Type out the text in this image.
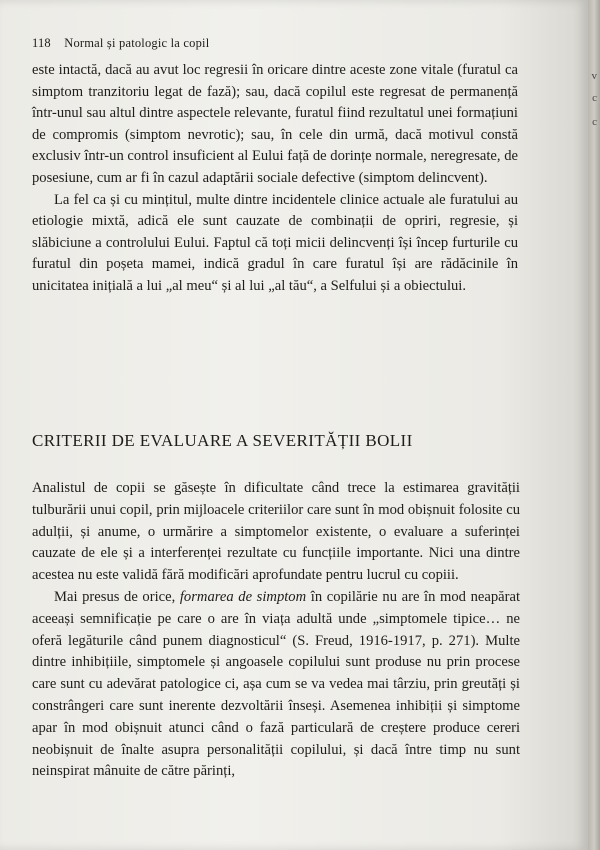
118 Normal și patologic la copil

este intactă, dacă au avut loc regresii în oricare dintre aceste zone vitale (furatul ca simptom tranzitoriu legat de fază); sau, dacă copilul este regresat de permanență într-unul sau altul dintre aspectele relevante, furatul fiind rezultatul unei formațiuni de compromis (simptom nevrotic); sau, în cele din urmă, dacă motivul constă exclusiv într-un control insuficient al Eului față de dorințe normale, neregresate, de posesiune, cum ar fi în cazul adaptării sociale defective (simptom delincvent).

La fel ca și cu mințitul, multe dintre incidentele clinice actuale ale furatului au etiologie mixtă, adică ele sunt cauzate de combinații de opriri, regresie, și slăbiciune a controlului Eului. Faptul că toți micii delincvenți își încep furturile cu furatul din poșeta mamei, indică gradul în care furatul își are rădăcinile în unicitatea inițială a lui „al meu“ și al lui „al tău“, a Selfului și a obiectului.

CRITERII DE EVALUARE A SEVERITĂȚII BOLII

Analistul de copii se găsește în dificultate când trece la estimarea gravității tulburării unui copil, prin mijloacele criteriilor care sunt în mod obișnuit folosite cu adulții, și anume, o urmărire a simptomelor existente, o evaluare a suferinței cauzate de ele și a interferenței rezultate cu funcțiile importante. Nici una dintre acestea nu este validă fără modificări aprofundate pentru lucrul cu copiii.

Mai presus de orice, formarea de simptom în copilărie nu are în mod neapărat aceeași semnificație pe care o are în viața adultă unde „simptomele tipice… ne oferă legăturile când punem diagnosticul“ (S. Freud, 1916-1917, p. 271). Multe dintre inhibițiile, simptomele și angoasele copilului sunt produse nu prin procese care sunt cu adevărat patologice ci, așa cum se va vedea mai târziu, prin greutăți și constrângeri care sunt inerente dezvoltării înseși. Asemenea inhibiții și simptome apar în mod obișnuit atunci când o fază particulară de creștere produce cereri neobișnuit de înalte asupra personalității copilului, și dacă între timp nu sunt neinspirat mânuite de către părinți,

v
c
c
